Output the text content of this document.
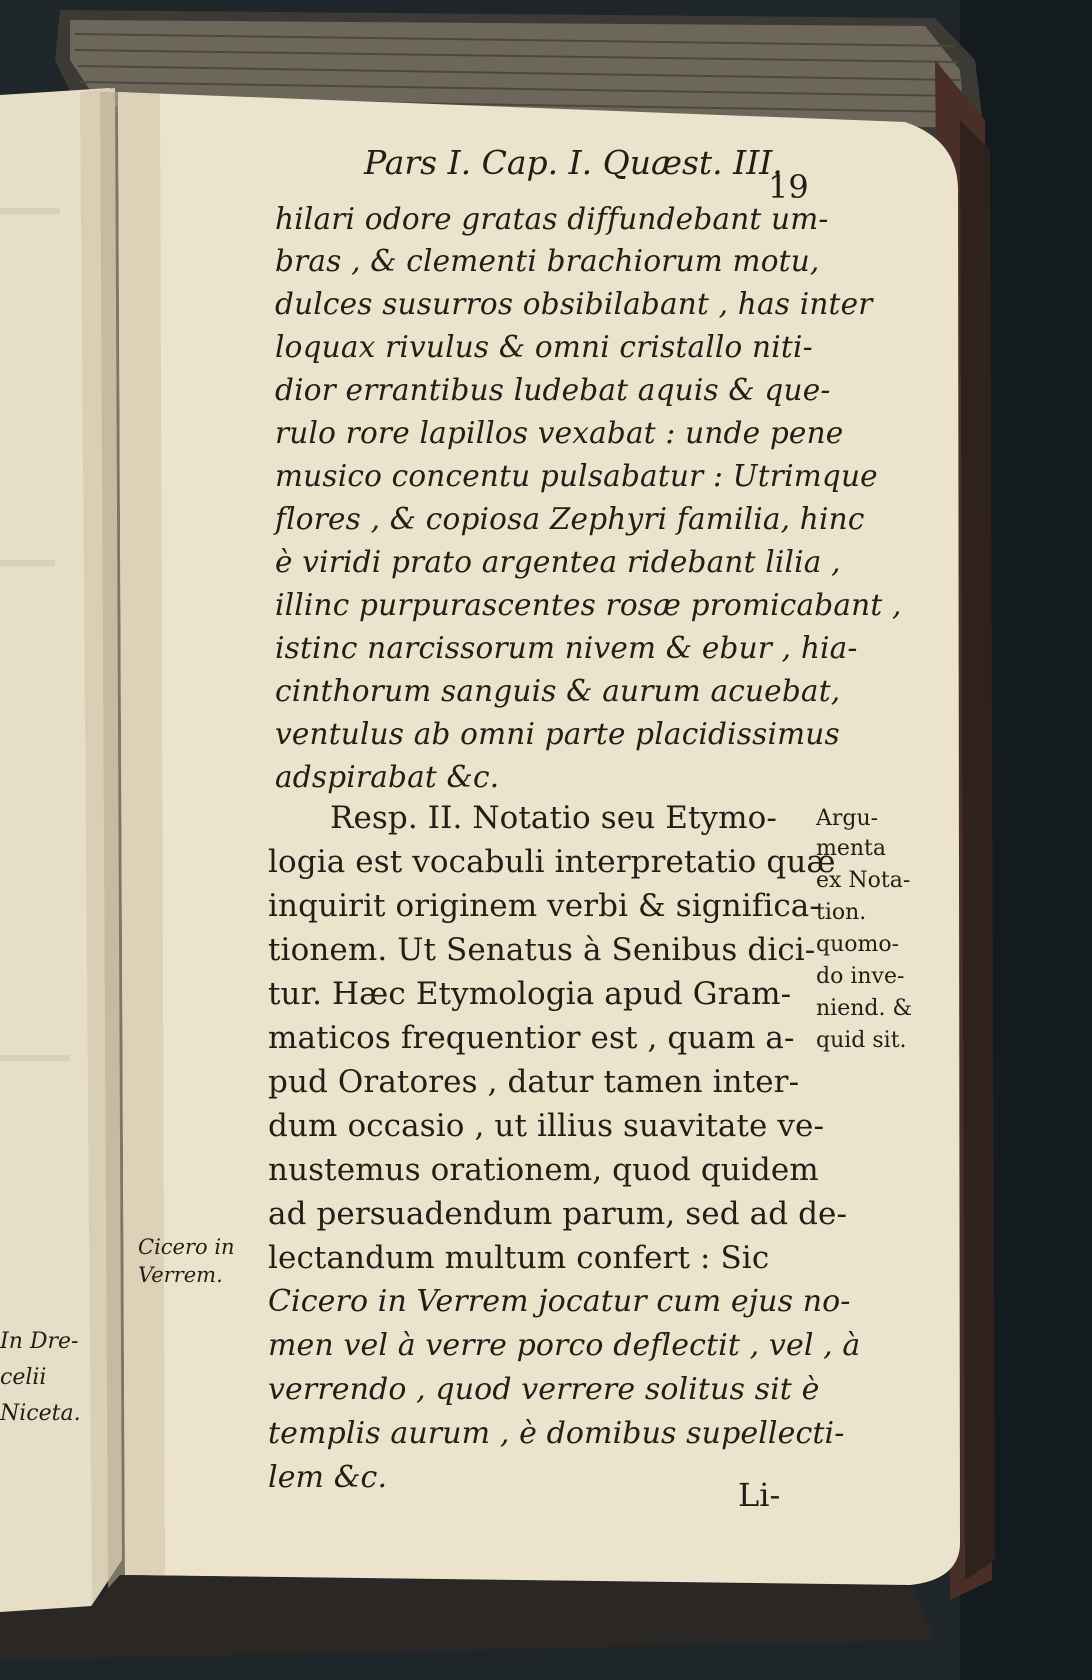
Pars I. Cap. I. Quæst. III.
19
hilari odore gratas diffundebant um-
bras , & clementi brachiorum motu,
dulces susurros obsibilabant , has inter
loquax rivulus & omni cristallo niti-
dior errantibus ludebat aquis & que-
rulo rore lapillos vexabat : unde pene
musico concentu pulsabatur : Utrimque
flores , & copiosa Zephyri familia, hinc
è viridi prato argentea ridebant lilia ,
illinc purpurascentes rosæ promicabant ,
istinc narcissorum nivem & ebur , hia-
cinthorum sanguis & aurum acuebat,
ventulus ab omni parte placidissimus
adspirabat &c.
Resp. II. Notatio seu Etymo-
logia est vocabuli interpretatio quæ
inquirit originem verbi & significa-
tionem. Ut Senatus à Senibus dici-
tur. Hæc Etymologia apud Gram-
maticos frequentior est , quam a-
pud Oratores , datur tamen inter-
dum occasio , ut illius suavitate ve-
nustemus orationem, quod quidem
ad persuadendum parum, sed ad de-
lectandum multum confert : Sic
Cicero in Verrem jocatur cum ejus no-
men vel à verre porco deflectit , vel , à
verrendo , quod verrere solitus sit è
templis aurum , è domibus supellecti-
lem &c.
Argu-
menta
ex Nota-
tion.
quomo-
do inve-
niend. &
quid sit.
Cicero in
Verrem.
In Dre-
celii
Niceta.
Li-
